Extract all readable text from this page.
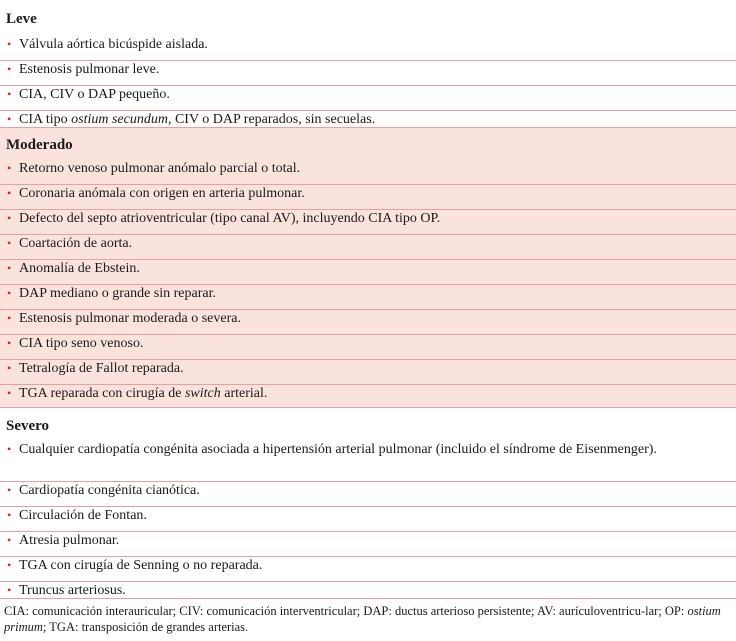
Leve
• Válvula aórtica bicúspide aislada.
• Estenosis pulmonar leve.
• CIA, CIV o DAP pequeño.
• CIA tipo ostium secundum, CIV o DAP reparados, sin secuelas.
Moderado
• Retorno venoso pulmonar anómalo parcial o total.
• Coronaria anómala con origen en arteria pulmonar.
• Defecto del septo atrioventricular (tipo canal AV), incluyendo CIA tipo OP.
• Coartación de aorta.
• Anomalía de Ebstein.
• DAP mediano o grande sin reparar.
• Estenosis pulmonar moderada o severa.
• CIA tipo seno venoso.
• Tetralogía de Fallot reparada.
• TGA reparada con cirugía de switch arterial.
Severo
• Cualquier cardiopatía congénita asociada a hipertensión arterial pulmonar (incluido el síndrome de Eisenmenger).
• Cardiopatía congénita cianótica.
• Circulación de Fontan.
• Atresia pulmonar.
• TGA con cirugía de Senning o no reparada.
• Truncus arteriosus.
CIA: comunicación interauricular; CIV: comunicación interventricular; DAP: ductus arterioso persistente; AV: aurículoventricu-lar; OP: ostium primum; TGA: transposición de grandes arterias.
